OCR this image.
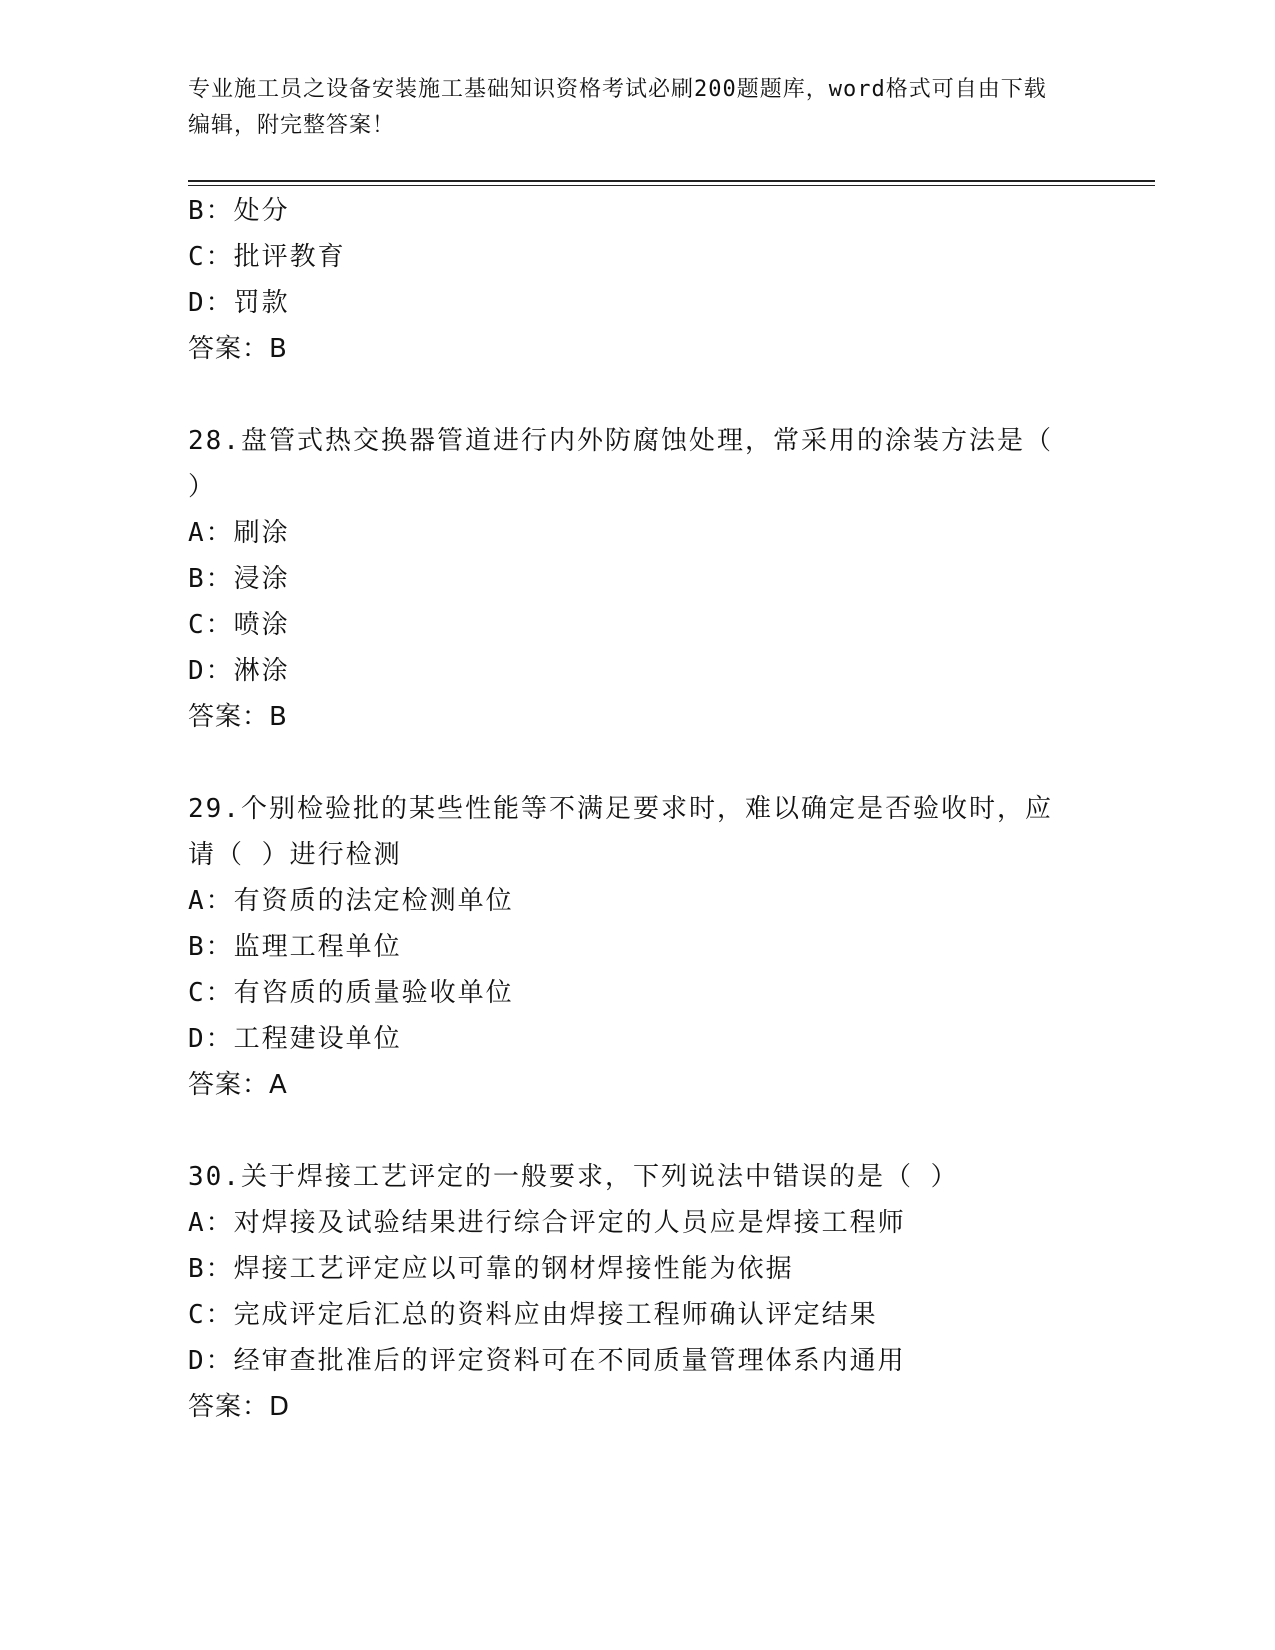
专业施工员之设备安装施工基础知识资格考试必刷200题题库，word格式可自由下载编辑，附完整答案！
B：处分
C：批评教育
D：罚款
答案：B
28.盘管式热交换器管道进行内外防腐蚀处理，常采用的涂装方法是（ ）
A：刷涂
B：浸涂
C：喷涂
D：淋涂
答案：B
29.个别检验批的某些性能等不满足要求时，难以确定是否验收时，应请（ ）进行检测
A：有资质的法定检测单位
B：监理工程单位
C：有咨质的质量验收单位
D：工程建设单位
答案：A
30.关于焊接工艺评定的一般要求，下列说法中错误的是（ ）
A：对焊接及试验结果进行综合评定的人员应是焊接工程师
B：焊接工艺评定应以可靠的钢材焊接性能为依据
C：完成评定后汇总的资料应由焊接工程师确认评定结果
D：经审查批准后的评定资料可在不同质量管理体系内通用
答案：D
